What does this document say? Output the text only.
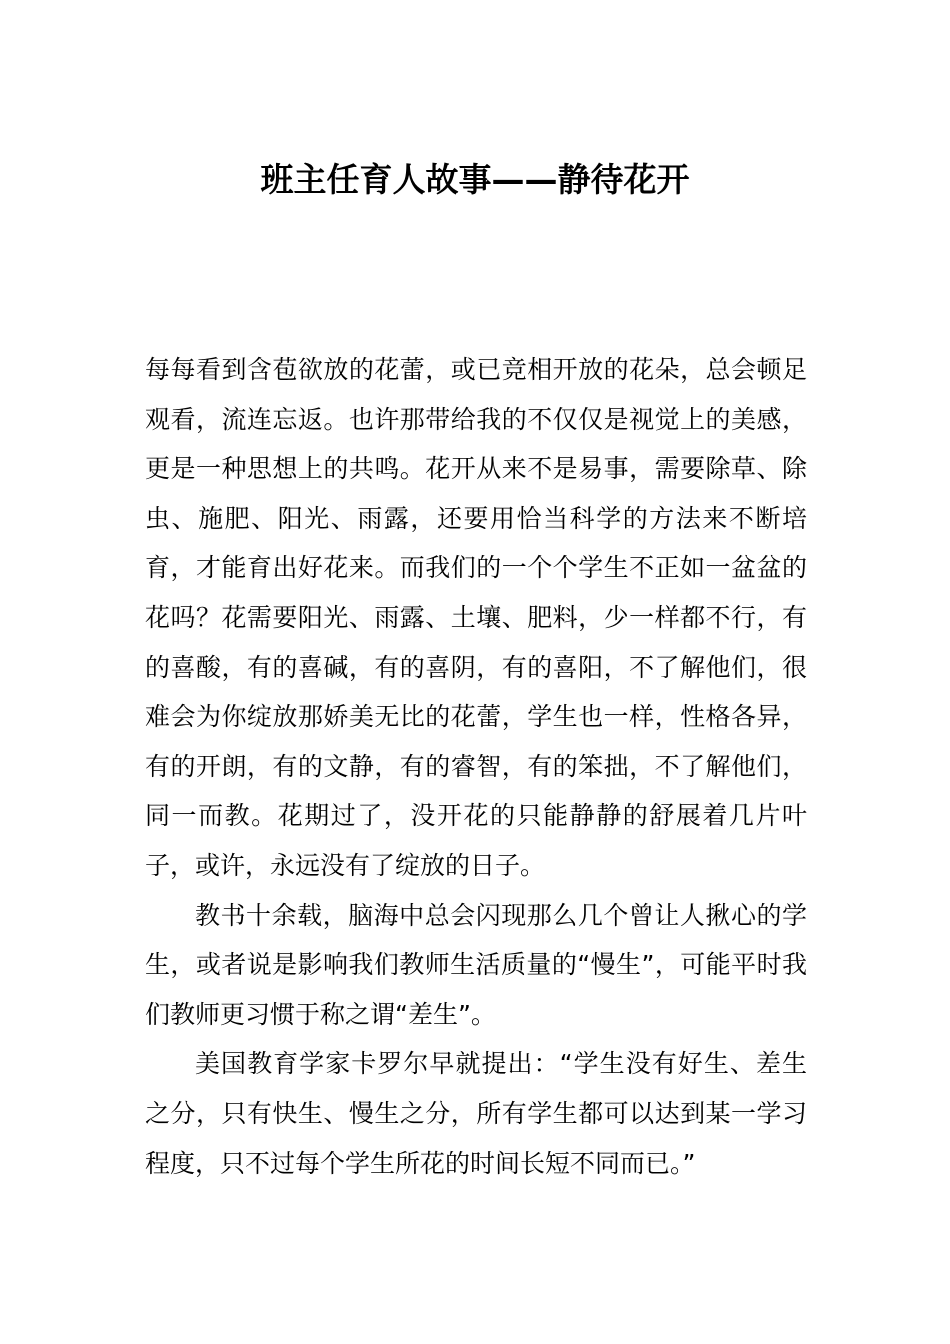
班主任育人故事——静待花开

每每看到含苞欲放的花蕾，或已竞相开放的花朵，总会顿足观看，流连忘返。也许那带给我的不仅仅是视觉上的美感，更是一种思想上的共鸣。花开从来不是易事，需要除草、除虫、施肥、阳光、雨露，还要用恰当科学的方法来不断培育，才能育出好花来。而我们的一个个学生不正如一盆盆的花吗？花需要阳光、雨露、土壤、肥料，少一样都不行，有的喜酸，有的喜碱，有的喜阴，有的喜阳，不了解他们，很难会为你绽放那娇美无比的花蕾，学生也一样，性格各异，有的开朗，有的文静，有的睿智，有的笨拙，不了解他们，同一而教。花期过了，没开花的只能静静的舒展着几片叶子，或许，永远没有了绽放的日子。

教书十余载，脑海中总会闪现那么几个曾让人揪心的学生，或者说是影响我们教师生活质量的“慢生”，可能平时我们教师更习惯于称之谓“差生”。

美国教育学家卡罗尔早就提出：“学生没有好生、差生之分，只有快生、慢生之分，所有学生都可以达到某一学习程度，只不过每个学生所花的时间长短不同而已。”
